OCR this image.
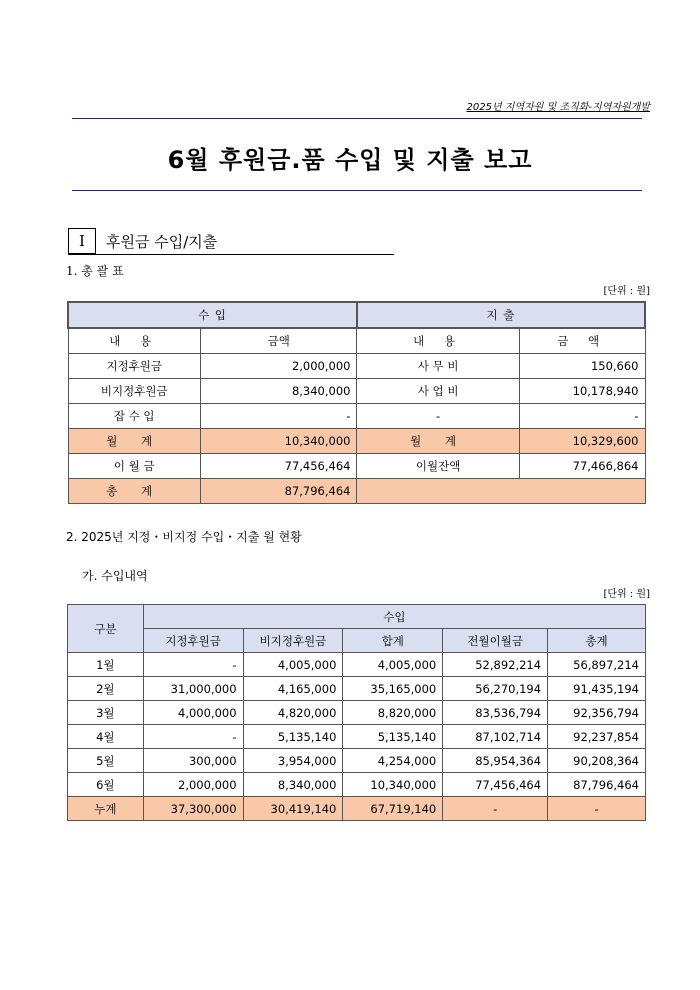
2025년 지역자원 및 조직화-지역자원개발
6월 후원금.품 수입 및 지출 보고
I	후원금 수입/지출
1. 총 괄 표
[단위 : 원]
수 입		지 출	
내 용	금액	내 용	금 액
지정후원금	2,000,000	사 무 비	150,660
비지정후원금	8,340,000	사 업 비	10,178,940
잡 수 입	-	-	-
월 계	10,340,000	월 계	10,329,600
이 월 금	77,456,464	이월잔액	77,466,864
총 계	87,796,464		
2. 2025년 지정・비지정 수입・지출 월 현황
가. 수입내역
[단위 : 원]
구분	수입				
	지정후원금	비지정후원금	합계	전월이월금	총계
1월	-	4,005,000	4,005,000	52,892,214	56,897,214
2월	31,000,000	4,165,000	35,165,000	56,270,194	91,435,194
3월	4,000,000	4,820,000	8,820,000	83,536,794	92,356,794
4월	-	5,135,140	5,135,140	87,102,714	92,237,854
5월	300,000	3,954,000	4,254,000	85,954,364	90,208,364
6월	2,000,000	8,340,000	10,340,000	77,456,464	87,796,464
누계	37,300,000	30,419,140	67,719,140	-	-
